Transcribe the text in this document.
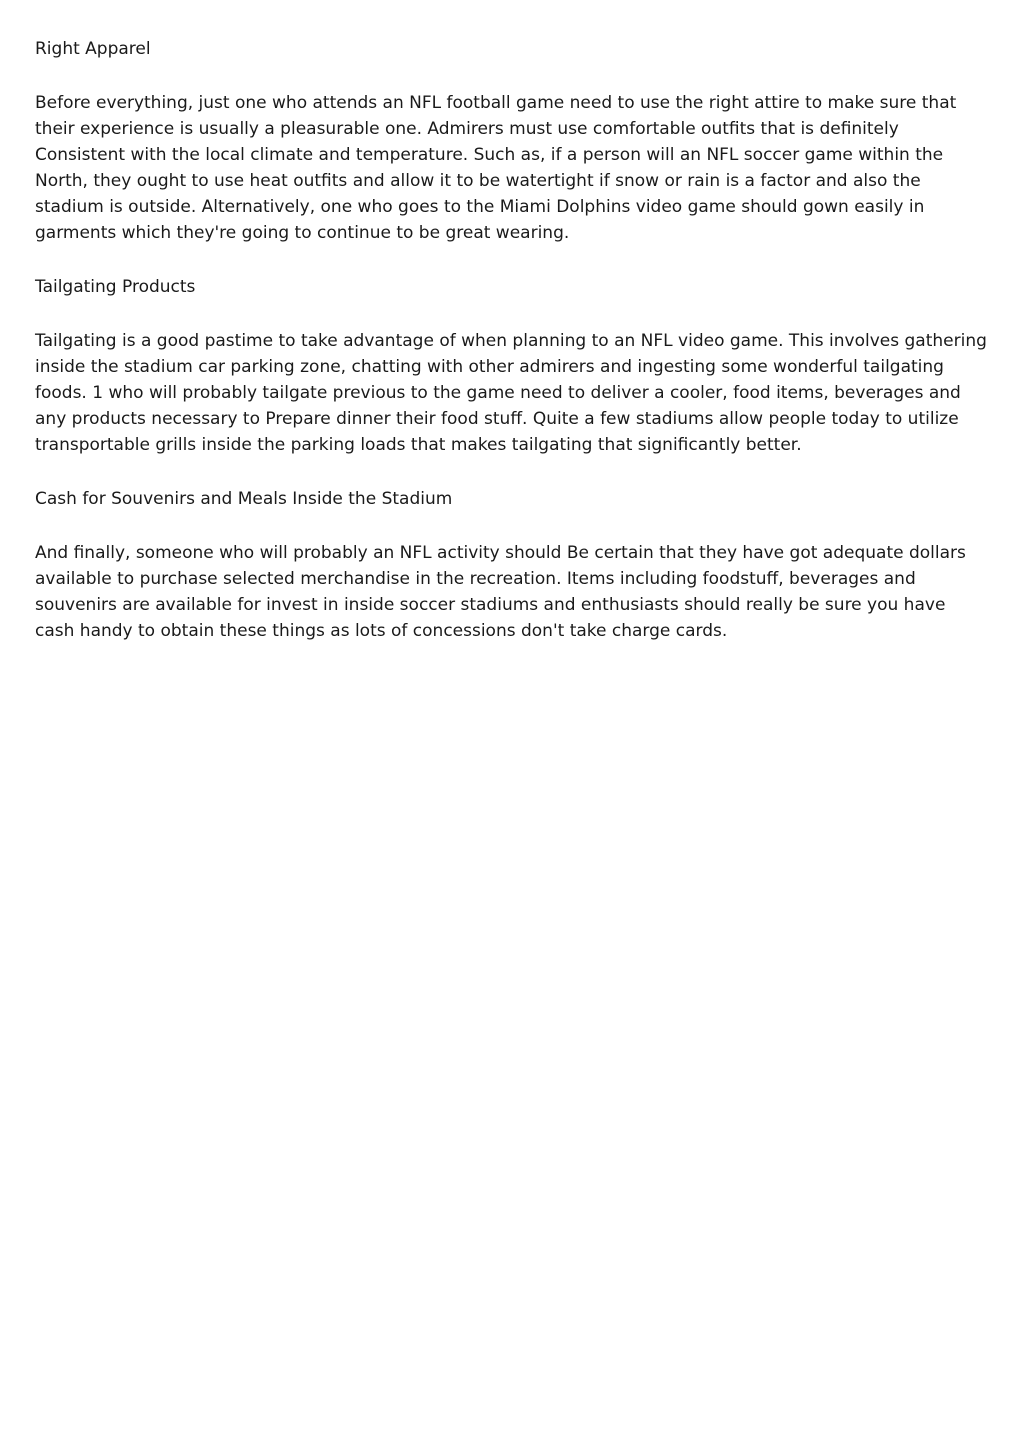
Right Apparel
Before everything, just one who attends an NFL football game need to use the right attire to make sure that their experience is usually a pleasurable one. Admirers must use comfortable outfits that is definitely Consistent with the local climate and temperature. Such as, if a person will an NFL soccer game within the North, they ought to use heat outfits and allow it to be watertight if snow or rain is a factor and also the stadium is outside. Alternatively, one who goes to the Miami Dolphins video game should gown easily in garments which they're going to continue to be great wearing.
Tailgating Products
Tailgating is a good pastime to take advantage of when planning to an NFL video game. This involves gathering inside the stadium car parking zone, chatting with other admirers and ingesting some wonderful tailgating foods. 1 who will probably tailgate previous to the game need to deliver a cooler, food items, beverages and any products necessary to Prepare dinner their food stuff. Quite a few stadiums allow people today to utilize transportable grills inside the parking loads that makes tailgating that significantly better.
Cash for Souvenirs and Meals Inside the Stadium
And finally, someone who will probably an NFL activity should Be certain that they have got adequate dollars available to purchase selected merchandise in the recreation. Items including foodstuff, beverages and souvenirs are available for invest in inside soccer stadiums and enthusiasts should really be sure you have cash handy to obtain these things as lots of concessions don't take charge cards.
